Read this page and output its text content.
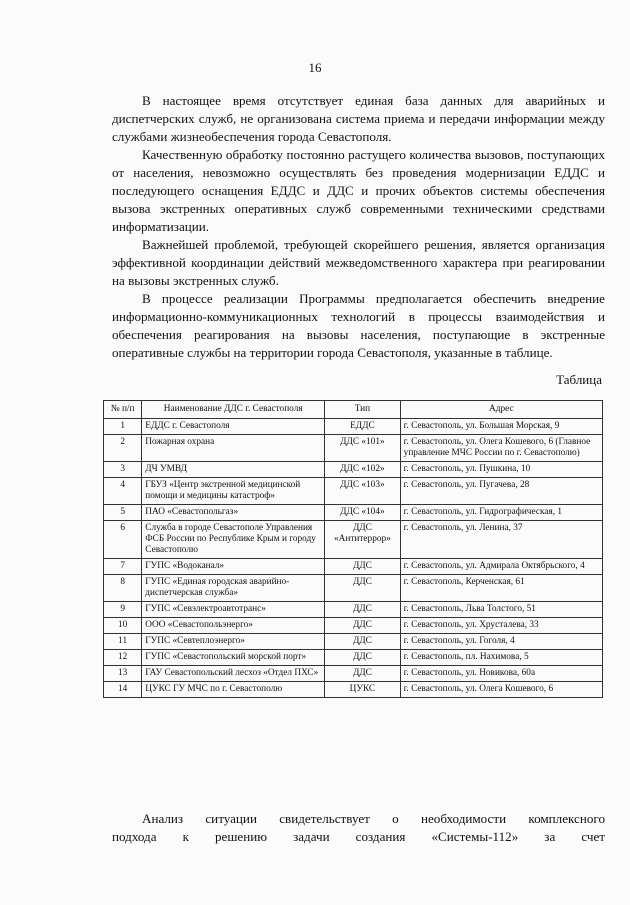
16

В настоящее время отсутствует единая база данных для аварийных и диспетчерских служб, не организована система приема и передачи информации между службами жизнеобеспечения города Севастополя.

Качественную обработку постоянно растущего количества вызовов, поступающих от населения, невозможно осуществлять без проведения модернизации ЕДДС и последующего оснащения ЕДДС и ДДС и прочих объектов системы обеспечения вызова экстренных оперативных служб современными техническими средствами информатизации.

Важнейшей проблемой, требующей скорейшего решения, является организация эффективной координации действий межведомственного характера при реагировании на вызовы экстренных служб.

В процессе реализации Программы предполагается обеспечить внедрение информационно-коммуникационных технологий в процессы взаимодействия и обеспечения реагирования на вызовы населения, поступающие в экстренные оперативные службы на территории города Севастополя, указанные в таблице.

Таблица
№ п/п	Наименование ДДС г. Севастополя	Тип	Адрес
1	ЕДДС г. Севастополя	ЕДДС	г. Севастополь, ул. Большая Морская, 9
2	Пожарная охрана	ДДС «101»	г. Севастополь, ул. Олега Кошевого, 6 (Главное управление МЧС России по г. Севастополю)
3	ДЧ УМВД	ДДС «102»	г. Севастополь, ул. Пушкина, 10
4	ГБУЗ «Центр экстренной медицинской помощи и медицины катастроф»	ДДС «103»	г. Севастополь, ул. Пугачева, 28
5	ПАО «Севастопольгаз»	ДДС «104»	г. Севастополь, ул. Гидрографическая, 1
6	Служба в городе Севастополе Управления ФСБ России по Республике Крым и городу Севастополю	ДДС «Антитеррор»	г. Севастополь, ул. Ленина, 37
7	ГУПС «Водоканал»	ДДС	г. Севастополь, ул. Адмирала Октябрьского, 4
8	ГУПС «Единая городская аварийно-диспетчерская служба»	ДДС	г. Севастополь, Керченская, 61
9	ГУПС «Севэлектроавтотранс»	ДДС	г. Севастополь, Льва Толстого, 51
10	ООО «Севастопольэнерго»	ДДС	г. Севастополь, ул. Хрусталева, 33
11	ГУПС «Севтеплоэнерго»	ДДС	г. Севастополь, ул. Гоголя, 4
12	ГУПС «Севастопольский морской порт»	ДДС	г. Севастополь, пл. Нахимова, 5
13	ГАУ Севастопольский лесхоз «Отдел ПХС»	ДДС	г. Севастополь, ул. Новикова, 60а
14	ЦУКС ГУ МЧС по г. Севастополю	ЦУКС	г. Севастополь, ул. Олега Кошевого, 6

Анализ ситуации свидетельствует о необходимости комплексного

подхода к решению задачи создания «Системы-112» за счет
